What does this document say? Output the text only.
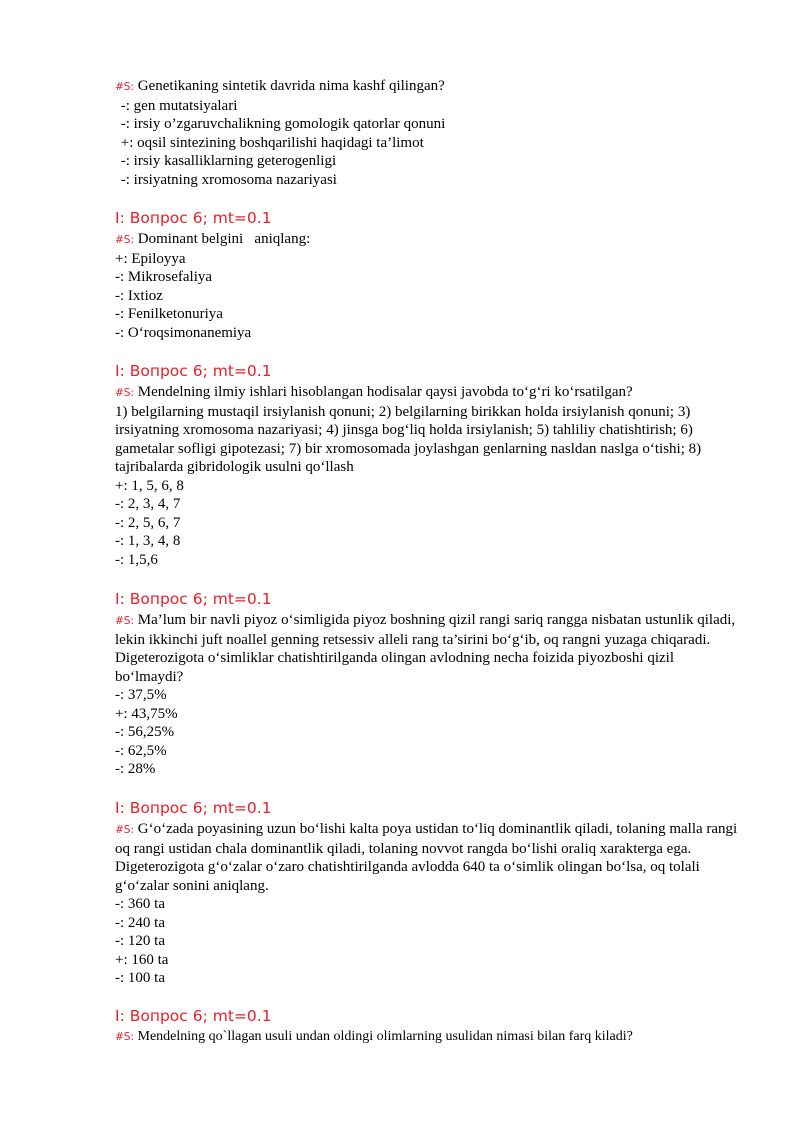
#S: Genetikaning sintetik davrida nima kashf qilingan?
-: gen mutatsiyalari
-: irsiy o’zgaruvchalikning gomologik qatorlar qonuni
+: oqsil sintezining boshqarilishi haqidagi ta’limot
-: irsiy kasalliklarning geterogenligi
-: irsiyatning xromosoma nazariyasi
I: Вопрос 6; mt=0.1
#S: Dominant belgini   aniqlang:
+: Epiloyya
-: Mikrosefaliya
-: Ixtioz
-: Fenilketonuriya
-: O‘roqsimonanemiya
I: Вопрос 6; mt=0.1
#S: Mendelning ilmiy ishlari hisoblangan hodisalar qaysi javobda to‘g‘ri ko‘rsatilgan?
1) belgilarning mustaqil irsiylanish qonuni; 2) belgilarning birikkan holda irsiylanish qonuni; 3) irsiyatning xromosoma nazariyasi; 4) jinsga bog‘liq holda irsiylanish; 5) tahliliy chatishtirish; 6) gametalar sofligi gipotezasi; 7) bir xromosomada joylashgan genlarning nasldan naslga o‘tishi; 8) tajribalarda gibridologik usulni qo‘llash
+: 1, 5, 6, 8
-: 2, 3, 4, 7
-: 2, 5, 6, 7
-: 1, 3, 4, 8
-: 1,5,6
I: Вопрос 6; mt=0.1
#S: Ma’lum bir navli piyoz o‘simligida piyoz boshning qizil rangi sariq rangga nisbatan ustunlik qiladi, lekin ikkinchi juft noallel genning retsessiv alleli rang ta’sirini bo‘g‘ib, oq rangni yuzaga chiqaradi. Digeterozigota o‘simliklar chatishtirilganda olingan avlodning necha foizida piyozboshi qizil bo‘lmaydi?
-: 37,5%
+: 43,75%
-: 56,25%
-: 62,5%
-: 28%
I: Вопрос 6; mt=0.1
#S: G‘o‘zada poyasining uzun bo‘lishi kalta poya ustidan to‘liq dominantlik qiladi, tolaning malla rangi oq rangi ustidan chala dominantlik qiladi, tolaning novvot rangda bo‘lishi oraliq xarakterga ega. Digeterozigota g‘o‘zalar o‘zaro chatishtirilganda avlodda 640 ta o‘simlik olingan bo‘lsa, oq tolali g‘o‘zalar sonini aniqlang.
-: 360 ta
-: 240 ta
-: 120 ta
+: 160 ta
-: 100 ta
I: Вопрос 6; mt=0.1
#S: Mendelning qo`llagan usuli undan oldingi olimlarning usulidan nimasi bilan farq kiladi?
